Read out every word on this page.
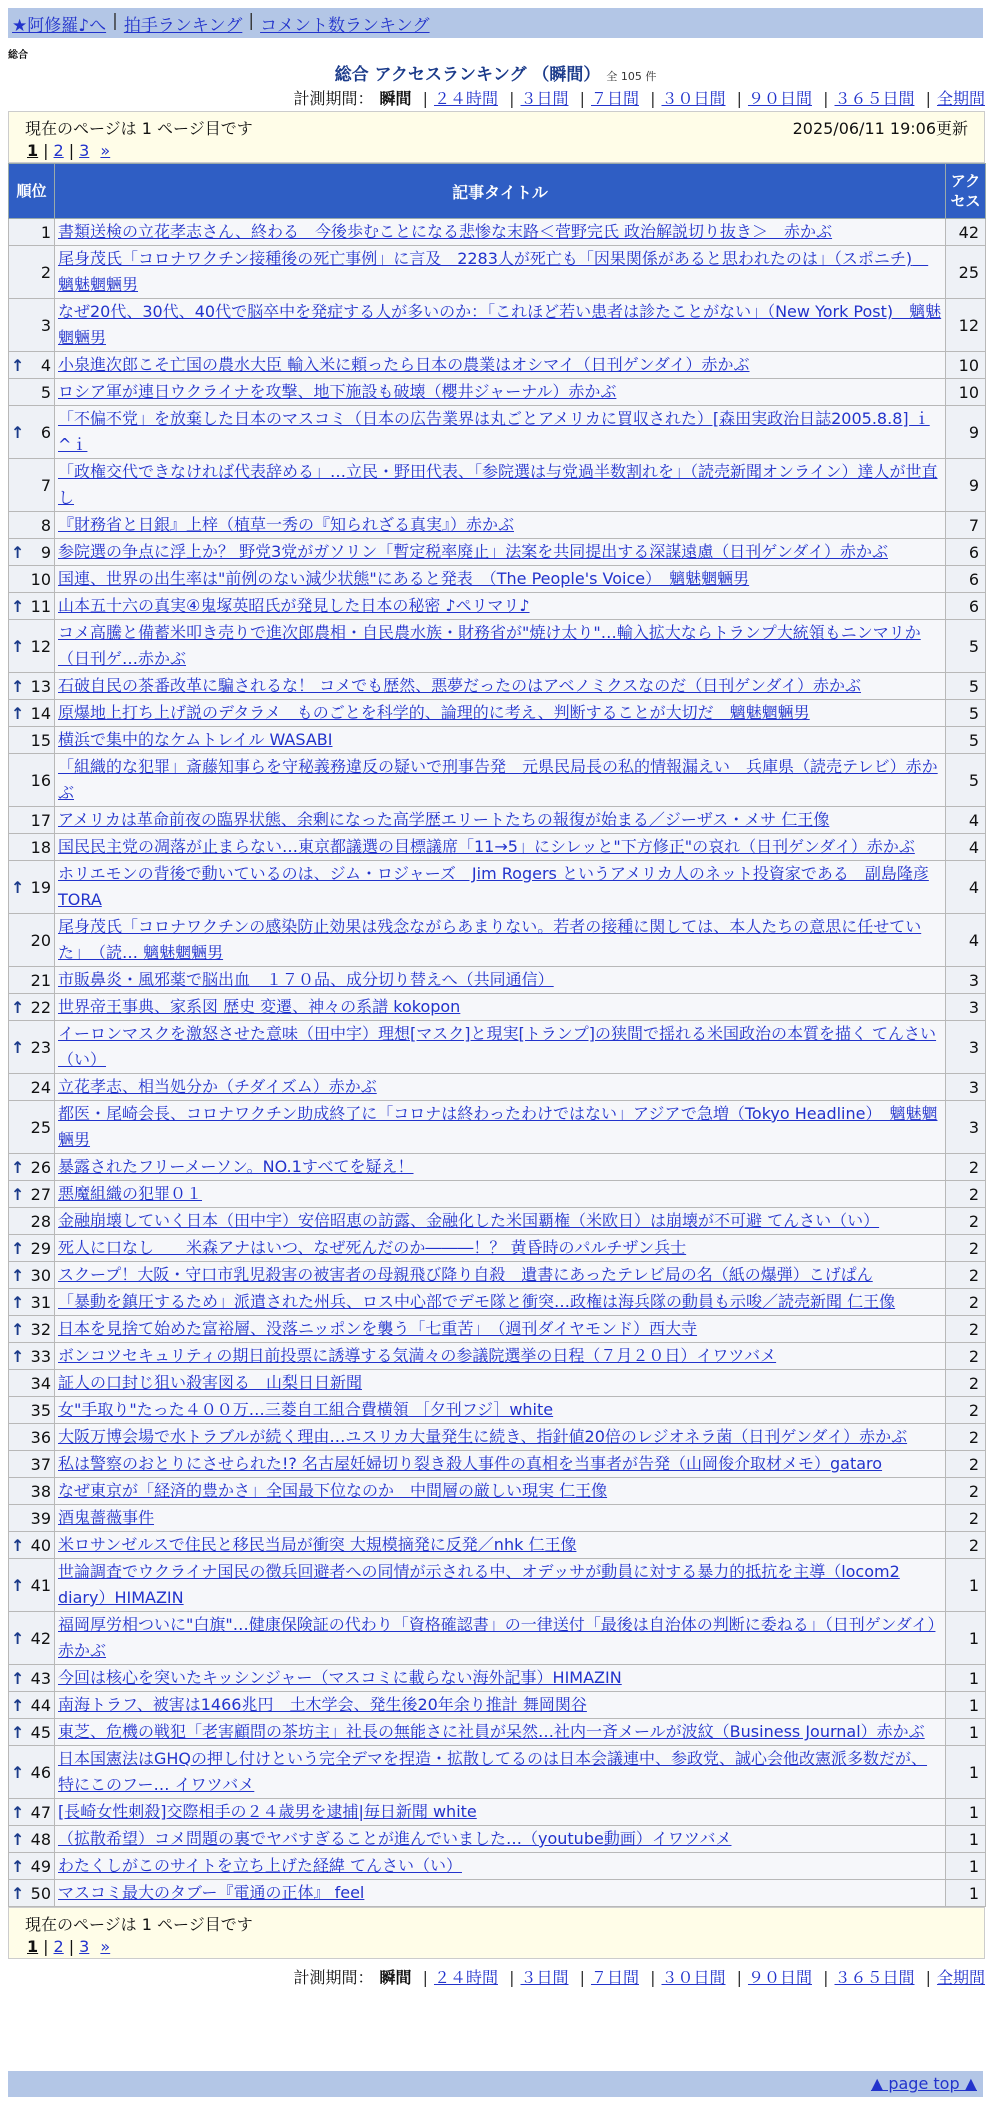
★阿修羅♪へ | 拍手ランキング | コメント数ランキング
総合
総合 アクセスランキング （瞬間） 全 105 件
計測期間： 瞬間 | ２４時間 | ３日間 | ７日間 | ３０日間 | ９０日間 | ３６５日間 | 全期間
現在のページは 1 ページ目です	2025/06/11 19:06更新
1 | 2 | 3 »
順位	記事タイトル	アクセス
1	書類送検の立花孝志さん、終わる　今後歩むことになる悲惨な末路＜菅野完氏 政治解説切り抜き＞　赤かぶ	42
2	尾身茂氏「コロナワクチン接種後の死亡事例」に言及　2283人が死亡も「因果関係があると思われたのは」（スポニチ)　魑魅魍魎男	25
3	なぜ20代、30代、40代で脳卒中を発症する人が多いのか：「これほど若い患者は診たことがない」（New York Post)　魑魅魍魎男	12

↑ 4	小泉進次郎こそ亡国の農水大臣 輸入米に頼ったら日本の農業はオシマイ（日刊ゲンダイ）赤かぶ	10
5	ロシア軍が連日ウクライナを攻撃、地下施設も破壊（櫻井ジャーナル）赤かぶ	10

↑ 6	「不偏不党」を放棄した日本のマスコミ（日本の広告業界は丸ごとアメリカに買収された）[森田実政治日誌2005.8.8] ｉ^ｉ	9
7	「政権交代できなければ代表辞める」…立民・野田代表、「参院選は与党過半数割れを」（読売新聞オンライン）達人が世直し	9
8	『財務省と日銀』上梓（植草一秀の『知られざる真実』）赤かぶ	7

↑ 9	参院選の争点に浮上か？ 野党3党がガソリン「暫定税率廃止」法案を共同提出する深謀遠慮（日刊ゲンダイ）赤かぶ	6
10	国連、世界の出生率は"前例のない減少状態"にあると発表　（The People's Voice）　魑魅魍魎男	6

↑ 11	山本五十六の真実④鬼塚英昭氏が発見した日本の秘密 ♪ペリマリ♪	6

↑ 12	コメ高騰と備蓄米叩き売りで進次郎農相・自民農水族・財務省が"焼け太り"…輸入拡大ならトランプ大統領もニンマリか（日刊ゲ…赤かぶ	5

↑ 13	石破自民の茶番改革に騙されるな！ コメでも歴然、悪夢だったのはアベノミクスなのだ（日刊ゲンダイ）赤かぶ	5

↑ 14	原爆地上打ち上げ説のデタラメ　ものごとを科学的、論理的に考え、判断することが大切だ　魑魅魍魎男	5
15	横浜で集中的なケムトレイル WASABI	5
16	「組織的な犯罪」斎藤知事らを守秘義務違反の疑いで刑事告発　元県民局長の私的情報漏えい　兵庫県（読売テレビ）赤かぶ	5
17	アメリカは革命前夜の臨界状態、余剰になった高学歴エリートたちの報復が始まる／ジーザス・メサ 仁王像	4
18	国民民主党の凋落が止まらない…東京都議選の目標議席「11→5」にシレッと"下方修正"の哀れ（日刊ゲンダイ）赤かぶ	4

↑ 19	ホリエモンの背後で動いているのは、ジム・ロジャーズ　Jim Rogers というアメリカ人のネット投資家である　副島隆彦 TORA	4
20	尾身茂氏「コロナワクチンの感染防止効果は残念ながらあまりない。若者の接種に関しては、本人たちの意思に任せていた」　（読… 魑魅魍魎男	4
21	市販鼻炎・風邪薬で脳出血　１７０品、成分切り替えへ（共同通信）	3

↑ 22	世界帝王事典、家系図 歴史 変遷、神々の系譜 kokopon	3

↑ 23	イーロンマスクを激怒させた意味（田中宇）理想[マスク]と現実[トランプ]の狭間で揺れる米国政治の本質を描く てんさい（い）	3
24	立花孝志、相当処分か（チダイズム）赤かぶ	3
25	都医・尾崎会長、コロナワクチン助成終了に「コロナは終わったわけではない」アジアで急増（Tokyo Headline）　魑魅魍魎男	3

↑ 26	暴露されたフリーメーソン。NO.1すべてを疑え！	2

↑ 27	悪魔組織の犯罪０１	2
28	金融崩壊していく日本（田中宇）安倍昭恵の訪露、金融化した米国覇権（米欧日）は崩壊が不可避 てんさい（い）	2

↑ 29	死人に口なし　　米森アナはいつ、なぜ死んだのか―――！？ 黄昏時のパルチザン兵士	2

↑ 30	スクープ！大阪・守口市乳児殺害の被害者の母親飛び降り自殺　遺書にあったテレビ局の名（紙の爆弾）こげぱん	2

↑ 31	「暴動を鎮圧するため」派遣された州兵、ロス中心部でデモ隊と衝突…政権は海兵隊の動員も示唆／読売新聞 仁王像	2

↑ 32	日本を見捨て始めた富裕層、没落ニッポンを襲う「七重苦」　（週刊ダイヤモンド）西大寺	2

↑ 33	ボンコツセキュリティの期日前投票に誘導する気満々の参議院選挙の日程（７月２０日）イワツバメ	2
34	証人の口封じ狙い殺害図る　山梨日日新聞	2
35	女"手取り"たった４００万…三菱自工組合費横領 ［夕刊フジ］white	2
36	大阪万博会場で水トラブルが続く理由…ユスリカ大量発生に続き、指針値20倍のレジオネラ菌（日刊ゲンダイ）赤かぶ	2
37	私は警察のおとりにさせられた!? 名古屋妊婦切り裂き殺人事件の真相を当事者が告発（山岡俊介取材メモ）gataro	2
38	なぜ東京が「経済的豊かさ」全国最下位なのか　中間層の厳しい現実 仁王像	2
39	酒鬼薔薇事件	2

↑ 40	米ロサンゼルスで住民と移民当局が衝突 大規模摘発に反発／nhk 仁王像	2

↑ 41	世論調査でウクライナ国民の徴兵回避者への同情が示される中、オデッサが動員に対する暴力的抵抗を主導（locom2 diary）HIMAZIN	1

↑ 42	福岡厚労相ついに"白旗"…健康保険証の代わり「資格確認書」の一律送付「最後は自治体の判断に委ねる」（日刊ゲンダイ）赤かぶ	1

↑ 43	今回は核心を突いたキッシンジャー（マスコミに載らない海外記事）HIMAZIN	1

↑ 44	南海トラフ、被害は1466兆円　土木学会、発生後20年余り推計 舞岡関谷	1

↑ 45	東芝、危機の戦犯「老害顧問の茶坊主」社長の無能さに社員が呆然…社内一斉メールが波紋（Business Journal）赤かぶ	1

↑ 46	日本国憲法はGHQの押し付けという完全デマを捏造・拡散してるのは日本会議連中、参政党、誠心会他改憲派多数だが、特にこのフー… イワツバメ	1

↑ 47	[長崎女性刺殺]交際相手の２４歳男を逮捕|毎日新聞 white	1

↑ 48	（拡散希望）コメ問題の裏でヤバすぎることが進んでいました…（youtube動画）イワツバメ	1

↑ 49	わたくしがこのサイトを立ち上げた経緯 てんさい（い）	1

↑ 50	マスコミ最大のタブー『電通の正体』 feel	1
現在のページは 1 ページ目です
1 | 2 | 3 »
計測期間： 瞬間 | ２４時間 | ３日間 | ７日間 | ３０日間 | ９０日間 | ３６５日間 | 全期間
▲ page top ▲
